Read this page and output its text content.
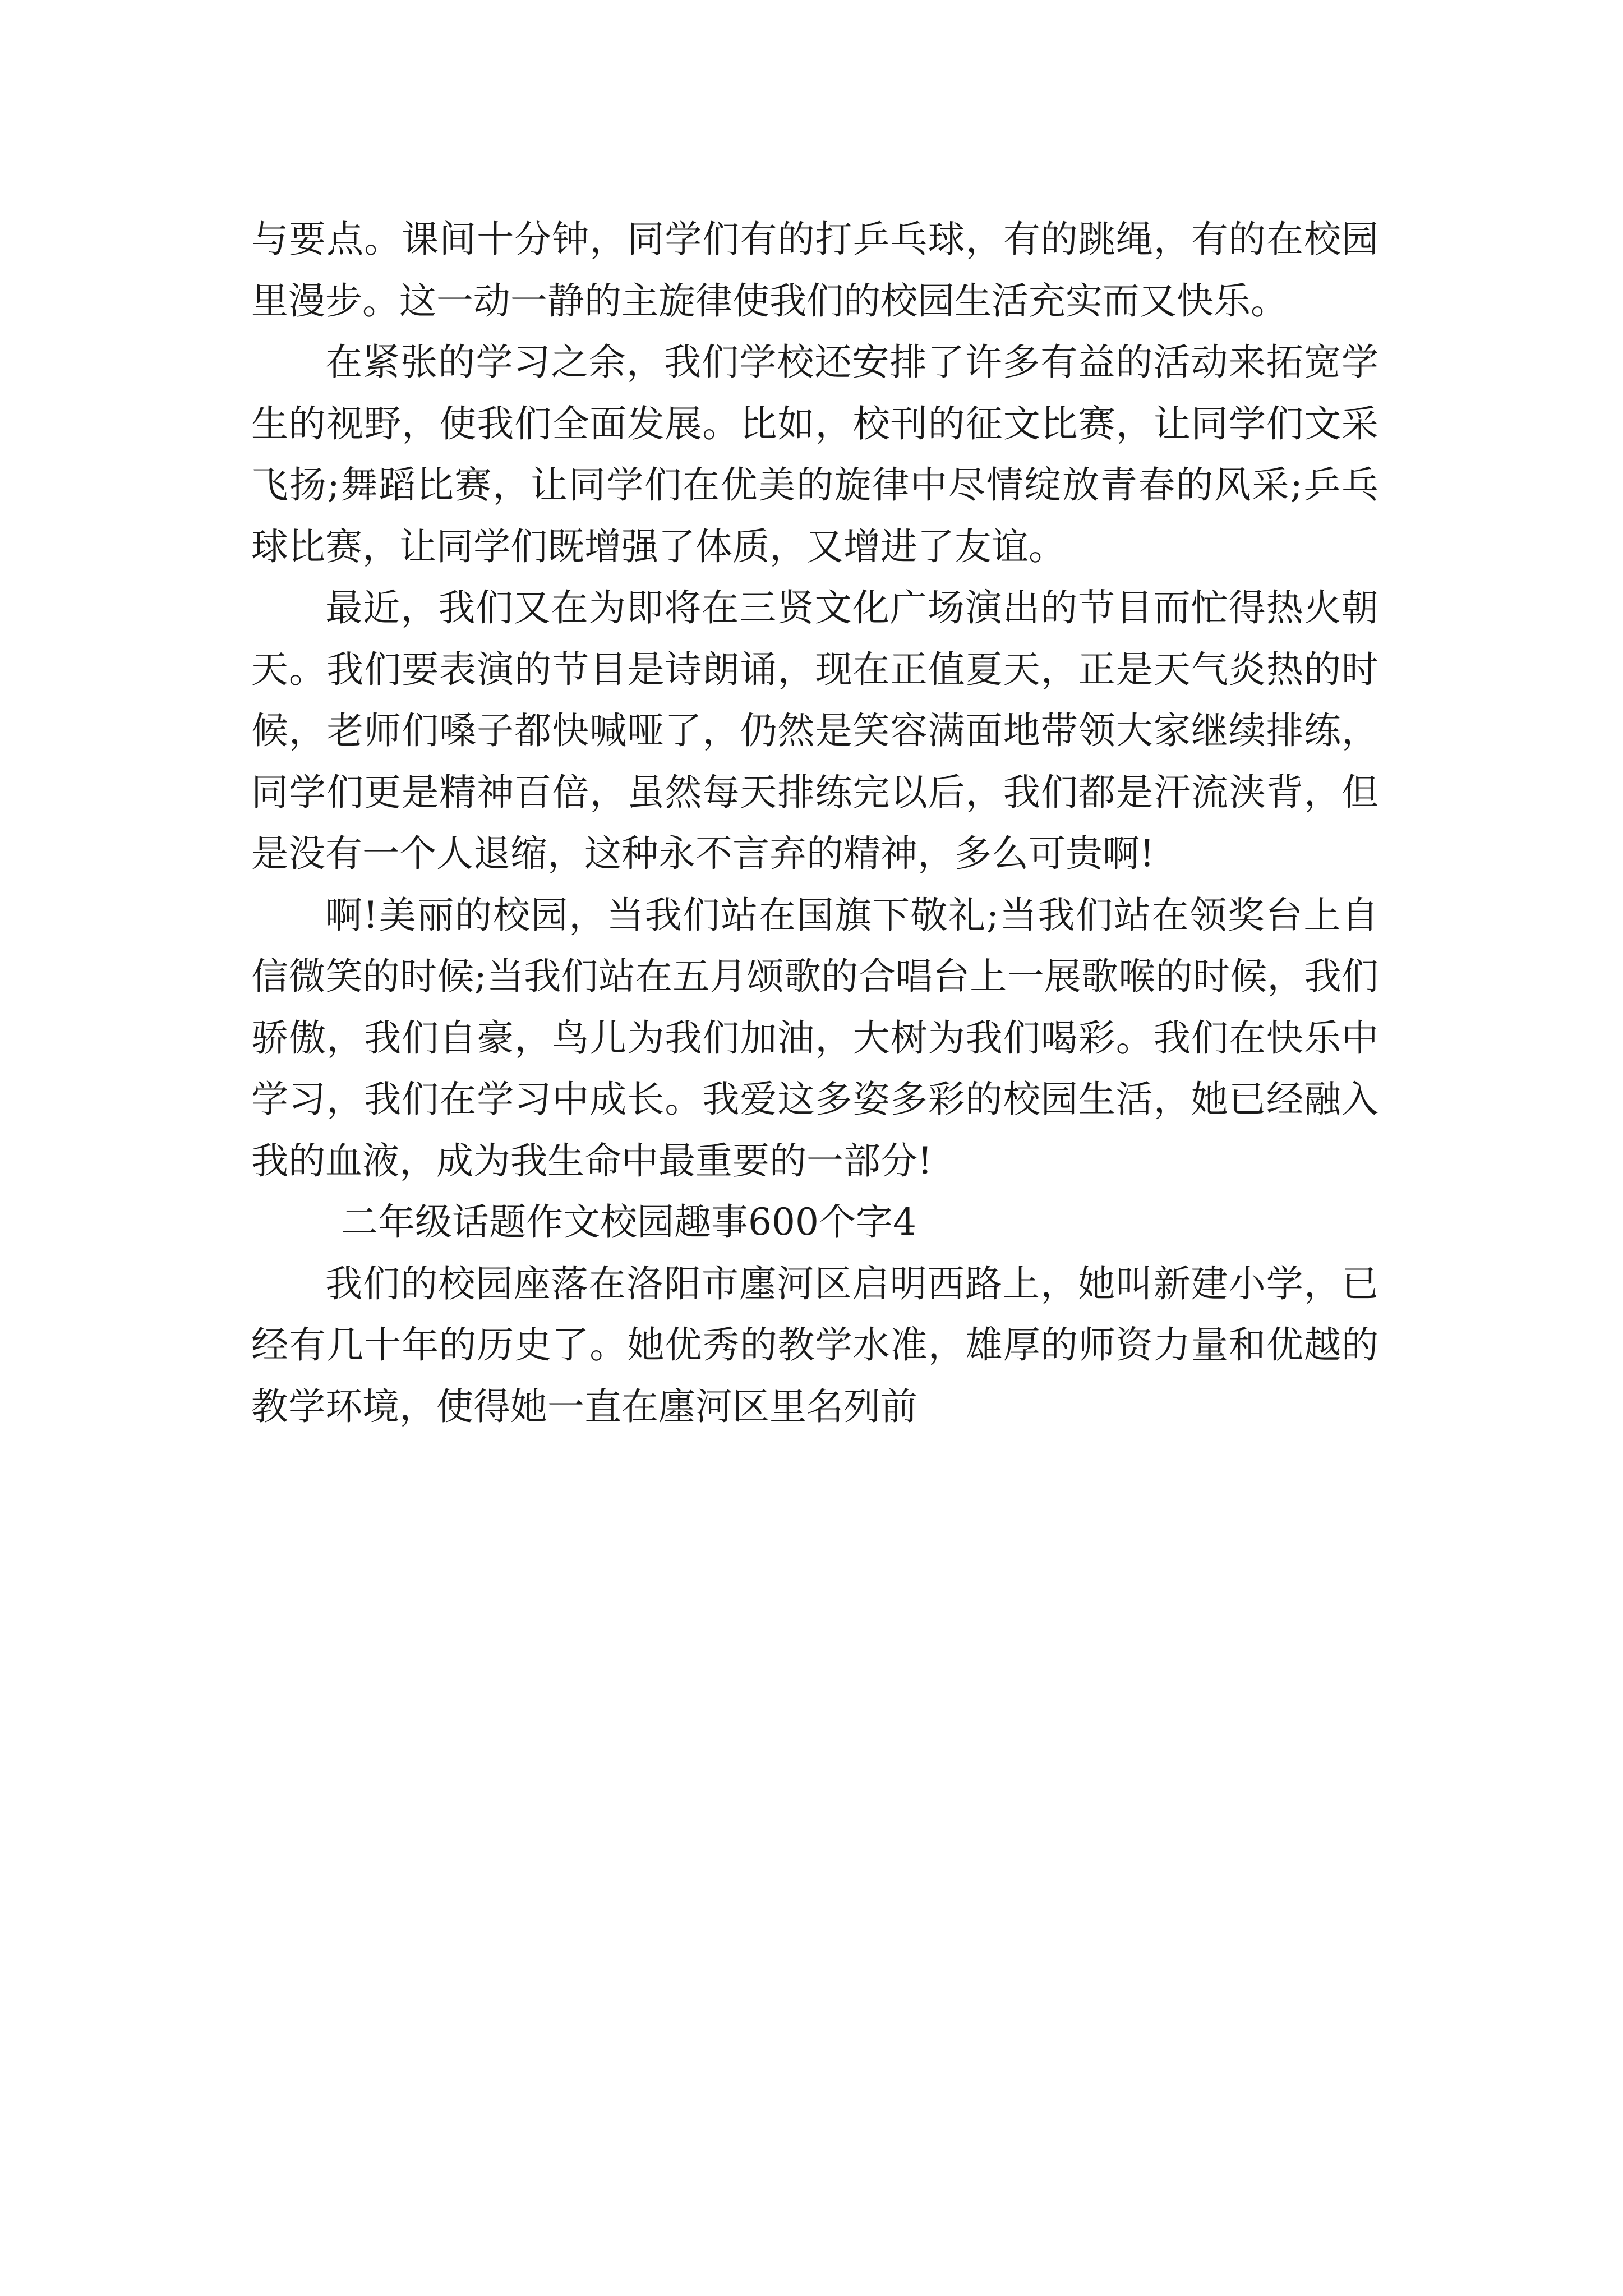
与要点。课间十分钟，同学们有的打乒乓球，有的跳绳，有的在校园里漫步。这一动一静的主旋律使我们的校园生活充实而又快乐。

在紧张的学习之余，我们学校还安排了许多有益的活动来拓宽学生的视野，使我们全面发展。比如，校刊的征文比赛，让同学们文采飞扬;舞蹈比赛，让同学们在优美的旋律中尽情绽放青春的风采;乒乓球比赛，让同学们既增强了体质，又增进了友谊。

最近，我们又在为即将在三贤文化广场演出的节目而忙得热火朝天。我们要表演的节目是诗朗诵，现在正值夏天，正是天气炎热的时候，老师们嗓子都快喊哑了，仍然是笑容满面地带领大家继续排练，同学们更是精神百倍，虽然每天排练完以后，我们都是汗流浃背，但是没有一个人退缩，这种永不言弃的精神，多么可贵啊!

啊!美丽的校园，当我们站在国旗下敬礼;当我们站在领奖台上自信微笑的时候;当我们站在五月颂歌的合唱台上一展歌喉的时候，我们骄傲，我们自豪，鸟儿为我们加油，大树为我们喝彩。我们在快乐中学习，我们在学习中成长。我爱这多姿多彩的校园生活，她已经融入我的血液，成为我生命中最重要的一部分!

二年级话题作文校园趣事600个字4

我们的校园座落在洛阳市廛河区启明西路上，她叫新建小学，已经有几十年的历史了。她优秀的教学水准，雄厚的师资力量和优越的教学环境，使得她一直在廛河区里名列前
